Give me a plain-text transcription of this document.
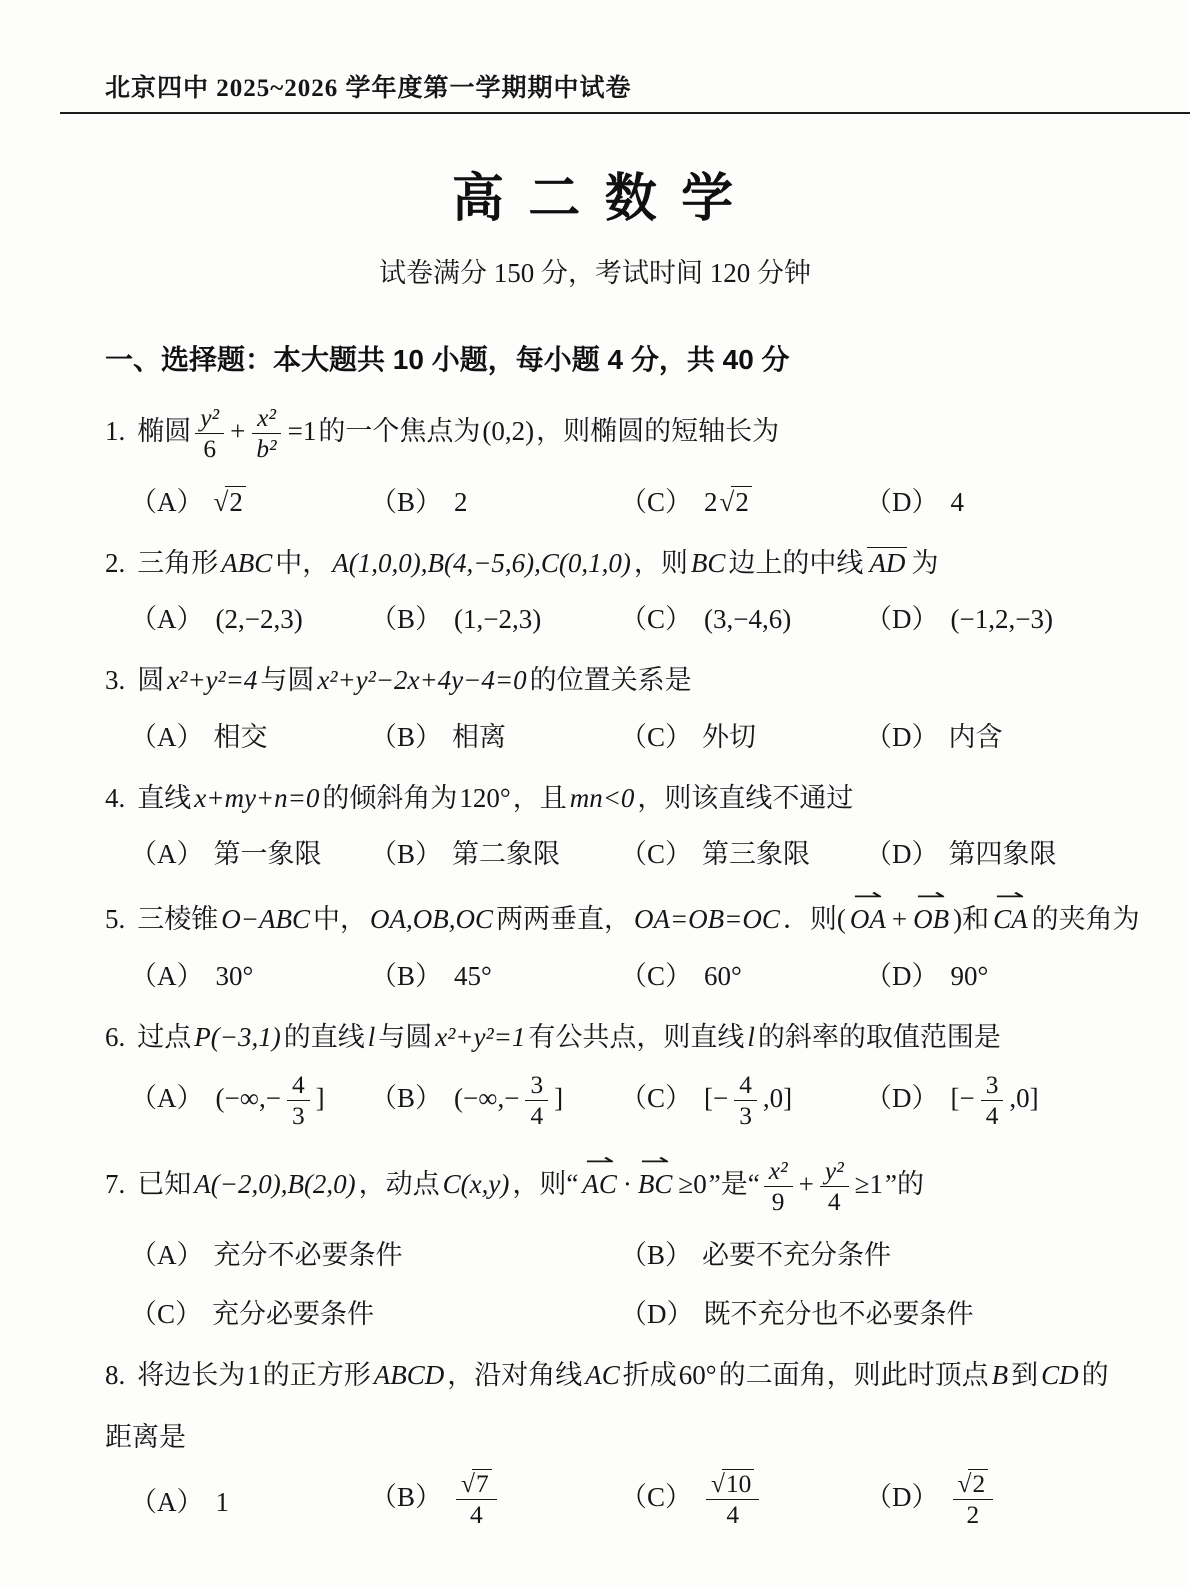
北京四中 2025~2026 学年度第一学期期中试卷
高 二 数 学
试卷满分 150 分，考试时间 120 分钟
一、选择题：本大题共 10 小题，每小题 4 分，共 40 分
1. 椭圆 $\frac{\text{y²}}{6} + \frac{\text{x²}}{\text{b²}} =1$的一个焦点为(0,2)，则椭圆的短轴长为
（A） √2	（B） 2	（C） 2√2	（D） 4
2. 三角形 ABC 中， A(1,0,0),B(4,−5,6),C(0,1,0) ，则 BC 边上的中线 AD 为
（A） (2,−2,3)	（B） (1,−2,3)	（C） (3,−4,6)	（D） (−1,2,−3)
3. 圆 x²+y²=4 与圆 x²+y²−2x+4y−4=0 的位置关系是
（A） 相交	（B） 相离	（C） 外切	（D） 内含
4. 直线 x+my+n=0 的倾斜角为120°，且 mn<0 ，则该直线不通过
（A） 第一象限	（B） 第二象限	（C） 第三象限	（D） 第四象限
5. 三棱锥 O−ABC 中， OA,OB,OC 两两垂直， OA=OB=OC ．则(
⇀
OA +
⇀
OB )和
⇀
CA 的夹角为
（A） 30°	（B） 45°	（C） 60°	（D） 90°
6. 过点 P(−3,1) 的直线 l 与圆 x²+y²=1 有公共点，则直线 l 的斜率的取值范围是
（A） (−∞,− $\frac{4}{3}$ ]	（B） (−∞,− $\frac{3}{4}$ ]	（C） [− $\frac{4}{3} ,0$]	（D） [− $\frac{3}{4} ,0$]
7. 已知 A(−2,0),B(2,0) ，动点 C(x,y) ，则“
⇀
AC ·
⇀
BC ≥0”是“ $\frac{\text{x²}}{9} + \frac{\text{y²}}{4} \ge 1$”的
（A） 充分不必要条件	（B） 必要不充分条件
（C） 充分必要条件	（D） 既不充分也不必要条件
8. 将边长为1的正方形 ABCD ，沿对角线 AC 折成60°的二面角，则此时顶点 B 到 CD 的
距离是
（A） 1	$(B) \frac{√7}{4}$	$(C) \frac{√10}{4}$	$(D) \frac{√2}{2}$
